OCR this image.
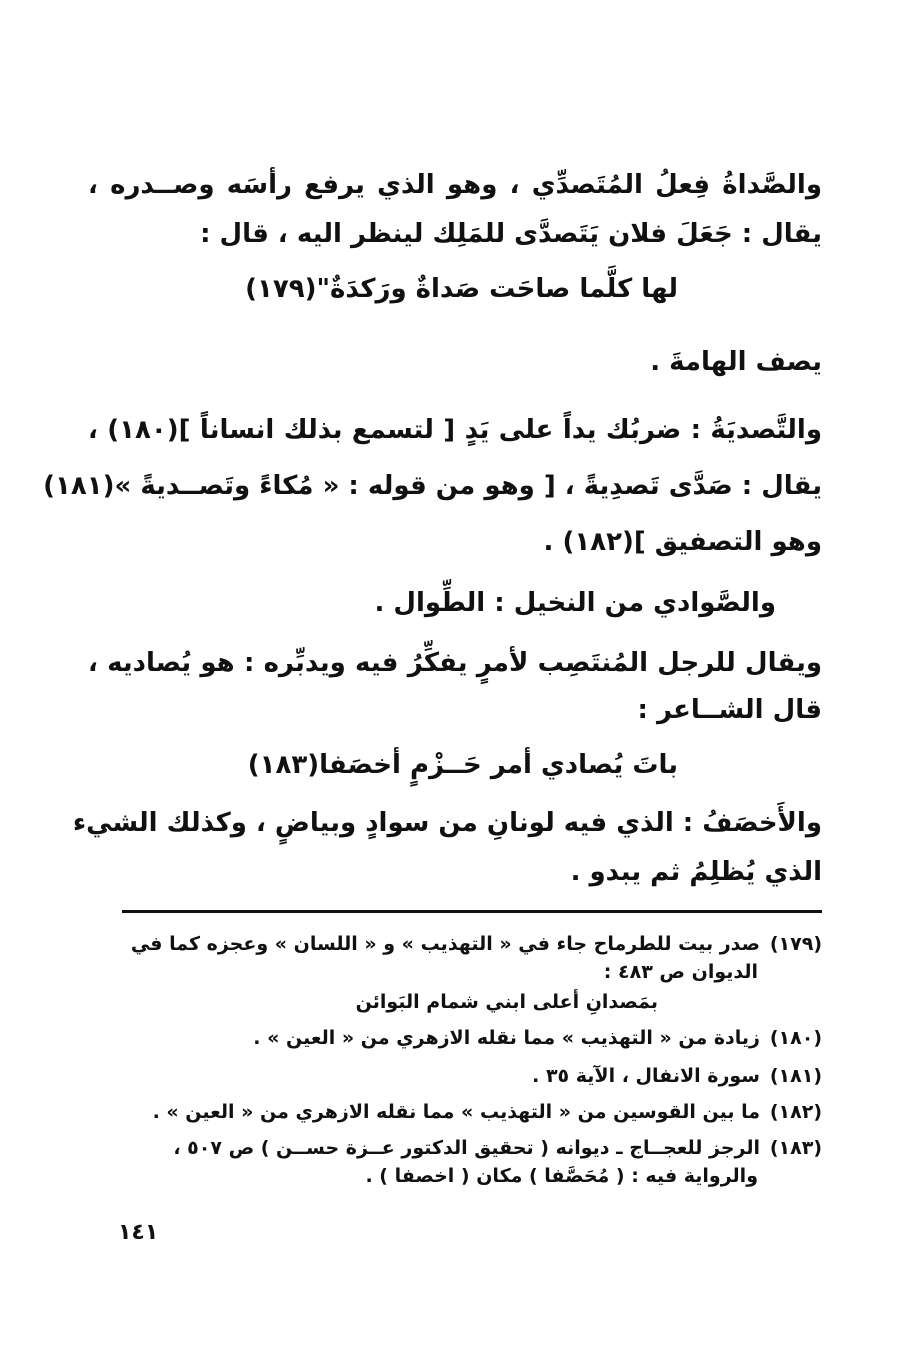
والصَّداةُ فِعلُ المُتَصدِّي ، وهو الذي يرفع رأسَه وصــدره ،
يقال : جَعَلَ فلان يَتَصدَّى للمَلِك لينظر اليه ، قال :
لها كلَّما صاحَت صَداةٌ ورَكدَةٌ"(١٧٩)
يصف الهامةَ .
والتَّصديَةُ : ضربُك يداً على يَدٍ [ لتسمع بذلك انساناً ](١٨٠) ،
يقال : صَدَّى تَصدِيةً ، [ وهو من قوله : « مُكاءً وتَصــديةً »(١٨١)
وهو التصفيق ](١٨٢) .
والصَّوادي من النخيل : الطِّوال .
ويقال للرجل المُنتَصِب لأمرٍ يفكِّرُ فيه ويدبِّره : هو يُصاديه ،
قال الشــاعر :
باتَ يُصادي أمر حَــزْمٍ أخصَفا(١٨٣)
والأَخصَفُ : الذي فيه لونانِ من سوادٍ وبياضٍ ، وكذلك الشيء
الذي يُظلِمُ ثم يبدو .
(١٧٩)صدر بيت للطرماح جاء في « التهذيب » و « اللسان » وعجزه كما في
الديوان ص ٤٨٣ :
بمَصدانِ أعلى ابني شمام البَوائن
(١٨٠)زيادة من « التهذيب » مما نقله الازهري من « العين » .
(١٨١)سورة الانفال ، الآية ٣٥ .
(١٨٢)ما بين القوسين من « التهذيب » مما نقله الازهري من « العين » .
(١٨٣)الرجز للعجــاج ـ ديوانه ( تحقيق الدكتور عــزة حســن ) ص ٥٠٧ ،
والرواية فيه : ( مُحَصَّفا ) مكان ( اخصفا ) .
١٤١
